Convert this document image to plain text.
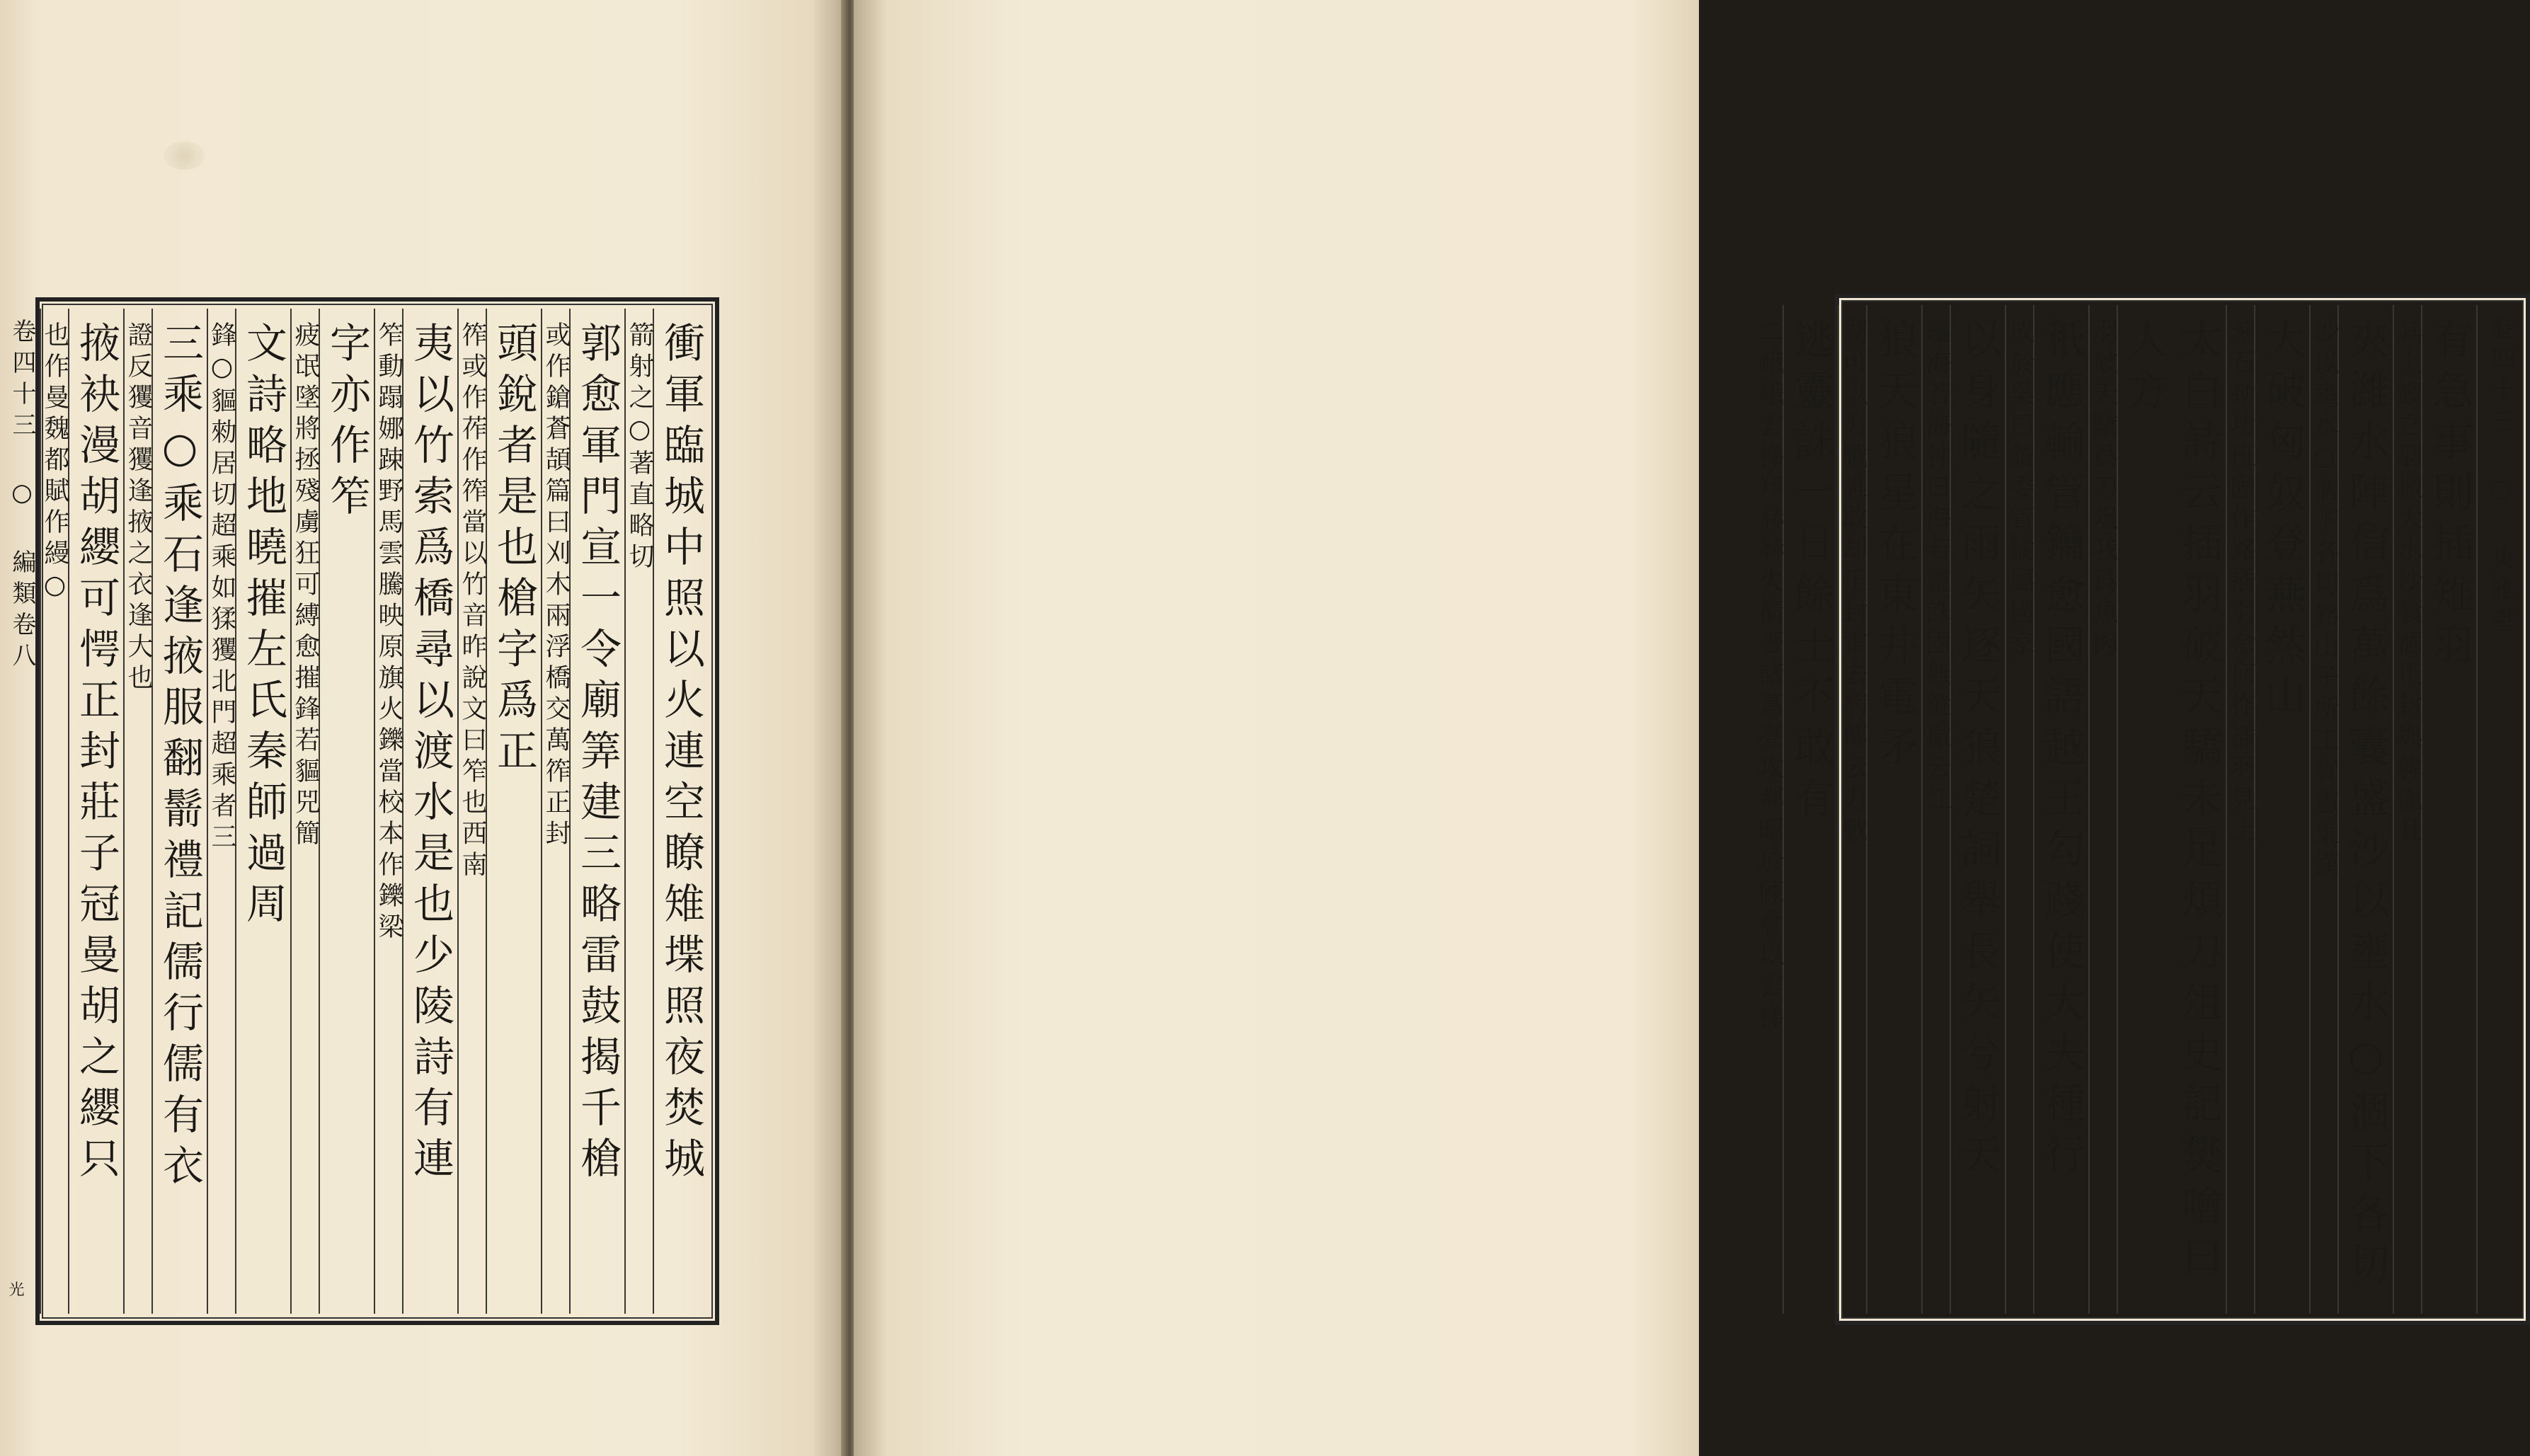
衝軍臨城中照以火連空瞭雉堞照夜焚城
箭射之○著直略切
郭愈軍門宣一令廟筭建三略雷鼓揭千槍
或作鎗蒼頡篇曰刈木兩浮橋交萬筰正封
頭銳者是也槍字爲正
筰或作莋作筰當以竹音昨說文曰笮也西南
夷以竹索爲橋尋以渡水是也少陵詩有連
笮動蹋娜踈野馬雲騰映原旗火鑠當校本作鑠梁
字亦作笮
疲氓墜將拯殘虜狂可縛愈摧鋒若貙兕簡
文詩略地曉摧左氏秦師過周
鋒○貙勑居切超乘如猱玃北門超乘者三
三乘○乘石逢掖服翻鬋禮記儒行儒有衣
證反玃音玃逢掖之衣逢大也
掖袂漫胡纓可愕正封莊子冠曼胡之纓只
也作曼魏都賦作縵○
卷四十三 ○ 編類卷八
光
卷四十三 ○ 東雅堂
有急事則插雉羽
其上謂之羽檄大水沙囊涸正封與韓龍且
夾濰水陣信爲萬餘囊盛沙以壅水○涸下各切
沙以壅水○涸下各切銘山子所工實憲東漢
大破匈奴登燕然山
刻石勒功班固作銘插羽余何怍插羽見上
太白詩云插羽破天驕未足煩刀俎史記樊噲曰人方
羽破天驕爲刀俎我爲魚肉
秖應輸管鑰愈國語越王勾踐使大夫種行
成於吳曰請委管鑰屬國家
以身隨之雨矢逐天狼楚詞舉長矢兮射天
驅海若海神曰海若靈誅固無縱檄云江
狼天狼星在東井電矛
湖可以力戰誰敢却正封霍去病傳云力戰
逃靈誅一日餘士不敢有
二峨峨雲梯翔赫赫火箭著諸葛亮攻郝昭於陳倉以雲梯
